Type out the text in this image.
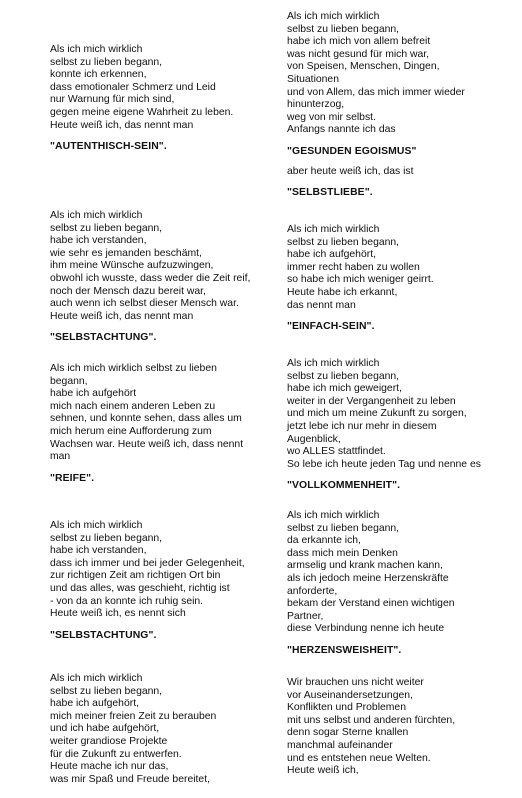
Als ich mich wirklich
selbst zu lieben begann,
konnte ich erkennen,
dass emotionaler Schmerz und Leid
nur Warnung für mich sind,
gegen meine eigene Wahrheit zu leben.
Heute weiß ich, das nennt man
"AUTENTHISCH-SEIN".
Als ich mich wirklich
selbst zu lieben begann,
habe ich verstanden,
wie sehr es jemanden beschämt,
ihm meine Wünsche aufzuzwingen,
obwohl ich wusste, dass weder die Zeit reif,
noch der Mensch dazu bereit war,
auch wenn ich selbst dieser Mensch war.
Heute weiß ich, das nennt man
"SELBSTACHTUNG".
Als ich mich wirklich selbst zu lieben
begann,
habe ich aufgehört
mich nach einem anderen Leben zu
sehnen, und konnte sehen, dass alles um
mich herum eine Aufforderung zum
Wachsen war. Heute weiß ich, dass nennt
man
"REIFE".
Als ich mich wirklich
selbst zu lieben begann,
habe ich verstanden,
dass ich immer und bei jeder Gelegenheit,
zur richtigen Zeit am richtigen Ort bin
und das alles, was geschieht, richtig ist
- von da an konnte ich ruhig sein.
Heute weiß ich, es nennt sich
"SELBSTACHTUNG".
Als ich mich wirklich
selbst zu lieben begann,
habe ich aufgehört,
mich meiner freien Zeit zu berauben
und ich habe aufgehört,
weiter grandiose Projekte
für die Zukunft zu entwerfen.
Heute mache ich nur das,
was mir Spaß und Freude bereitet,
Als ich mich wirklich
selbst zu lieben begann,
habe ich mich von allem befreit
was nicht gesund für mich war,
von Speisen, Menschen, Dingen,
Situationen
und von Allem, das mich immer wieder
hinunterzog,
weg von mir selbst.
Anfangs nannte ich das
"GESUNDEN EGOISMUS"
aber heute weiß ich, das ist
"SELBSTLIEBE".
Als ich mich wirklich
selbst zu lieben begann,
habe ich aufgehört,
immer recht haben zu wollen
so habe ich mich weniger geirrt.
Heute habe ich erkannt,
das nennt man
"EINFACH-SEIN".
Als ich mich wirklich
selbst zu lieben begann,
habe ich mich geweigert,
weiter in der Vergangenheit zu leben
und mich um meine Zukunft zu sorgen,
jetzt lebe ich nur mehr in diesem
Augenblick,
wo ALLES stattfindet.
So lebe ich heute jeden Tag und nenne es
"VOLLKOMMENHEIT".
Als ich mich wirklich
selbst zu lieben begann,
da erkannte ich,
dass mich mein Denken
armselig und krank machen kann,
als ich jedoch meine Herzenskräfte
anforderte,
bekam der Verstand einen wichtigen
Partner,
diese Verbindung nenne ich heute
"HERZENSWEISHEIT".
Wir brauchen uns nicht weiter
vor Auseinandersetzungen,
Konflikten und Problemen
mit uns selbst und anderen fürchten,
denn sogar Sterne knallen
manchmal aufeinander
und es entstehen neue Welten.
Heute weiß ich,
